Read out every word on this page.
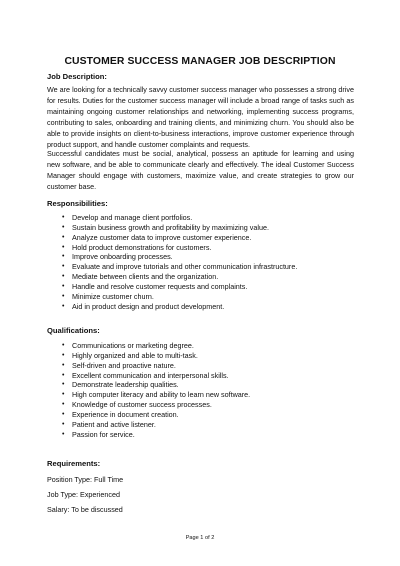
CUSTOMER SUCCESS MANAGER JOB DESCRIPTION
Job Description:
We are looking for a technically savvy customer success manager who possesses a strong drive for results. Duties for the customer success manager will include a broad range of tasks such as maintaining ongoing customer relationships and networking, implementing success programs, contributing to sales, onboarding and training clients, and minimizing churn. You should also be able to provide insights on client-to-business interactions, improve customer experience through product support, and handle customer complaints and requests.
Successful candidates must be social, analytical, possess an aptitude for learning and using new software, and be able to communicate clearly and effectively. The ideal Customer Success Manager should engage with customers, maximize value, and create strategies to grow our customer base.
Responsibilities:
• Develop and manage client portfolios.
• Sustain business growth and profitability by maximizing value.
• Analyze customer data to improve customer experience.
• Hold product demonstrations for customers.
• Improve onboarding processes.
• Evaluate and improve tutorials and other communication infrastructure.
• Mediate between clients and the organization.
• Handle and resolve customer requests and complaints.
• Minimize customer churn.
• Aid in product design and product development.
Qualifications:
• Communications or marketing degree.
• Highly organized and able to multi-task.
• Self-driven and proactive nature.
• Excellent communication and interpersonal skills.
• Demonstrate leadership qualities.
• High computer literacy and ability to learn new software.
• Knowledge of customer success processes.
• Experience in document creation.
• Patient and active listener.
• Passion for service.
Requirements:
Position Type: Full Time
Job Type: Experienced
Salary: To be discussed
Page 1 of 2
